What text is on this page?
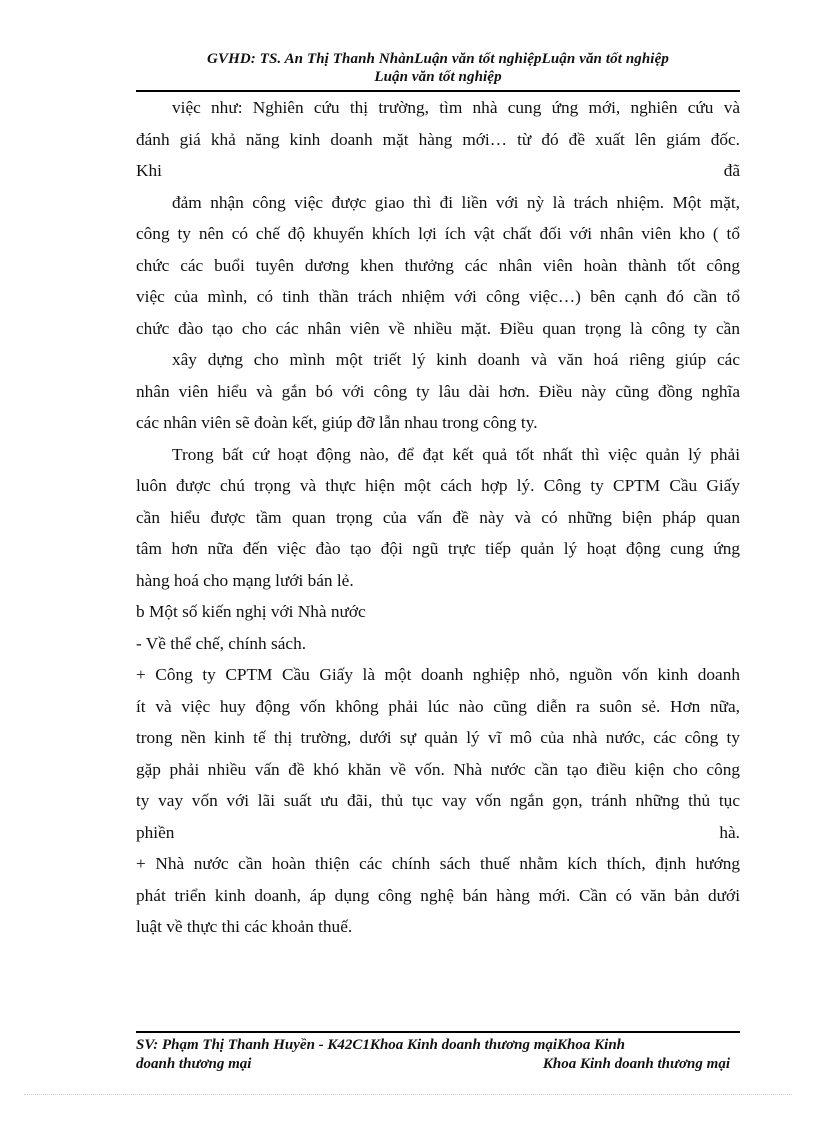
GVHD: TS. An Thị Thanh NhànLuận văn tốt nghiệpLuận văn tốt nghiệp

Luận văn tốt nghiệp
việc như: Nghiên cứu thị trường, tìm nhà cung ứng mới, nghiên cứu và
đánh giá khả năng kinh doanh mặt hàng mới… từ đó đề xuất lên giám đốc.
Khi	đã
đảm nhận công việc được giao thì đi liền với nỳ là trách nhiệm. Một mặt,
công ty nên có chế độ khuyến khích lợi ích vật chất đối với nhân viên kho ( tổ
chức các buổi tuyên dương khen thưởng các nhân viên hoàn thành tốt công
việc của mình, có tinh thần trách nhiệm với công việc…) bên cạnh đó cần tổ
chức đào tạo cho các nhân viên về nhiều mặt. Điều quan trọng là công ty cần
xây dựng cho mình một triết lý kinh doanh và văn hoá riêng giúp các
nhân viên hiểu và gắn bó với công ty lâu dài hơn. Điều này cũng đồng nghĩa
các nhân viên sẽ đoàn kết, giúp đỡ lẫn nhau trong công ty.
Trong bất cứ hoạt động nào, để đạt kết quả tốt nhất thì việc quản lý phải
luôn được chú trọng và thực hiện một cách hợp lý. Công ty CPTM Cầu Giấy
cần hiểu được tầm quan trọng của vấn đề này và có những biện pháp quan
tâm hơn nữa đến việc đào tạo đội ngũ trực tiếp quản lý hoạt động cung ứng
hàng hoá cho mạng lưới bán lẻ.
b Một số kiến nghị với Nhà nước
- Về thể chế, chính sách.
+ Công ty CPTM Cầu Giấy là một doanh nghiệp nhỏ, nguồn vốn kinh doanh
ít và việc huy động vốn không phải lúc nào cũng diễn ra suôn sẻ. Hơn nữa,
trong nền kinh tế thị trường, dưới sự quản lý vĩ mô của nhà nước, các công ty
gặp phải nhiều vấn đề khó khăn về vốn. Nhà nước cần tạo điều kiện cho công
ty vay vốn với lãi suất ưu đãi, thủ tục vay vốn ngắn gọn, tránh những thủ tục
phiền	hà.
+ Nhà nước cần hoàn thiện các chính sách thuế nhằm kích thích, định hướng
phát triển kinh doanh, áp dụng công nghệ bán hàng mới. Cần có văn bản dưới
luật về thực thi các khoản thuế.
SV: Phạm Thị Thanh Huyền - K42C1Khoa Kinh doanh thương mạiKhoa Kinh
doanh thương mại	Khoa Kinh doanh thương mại
